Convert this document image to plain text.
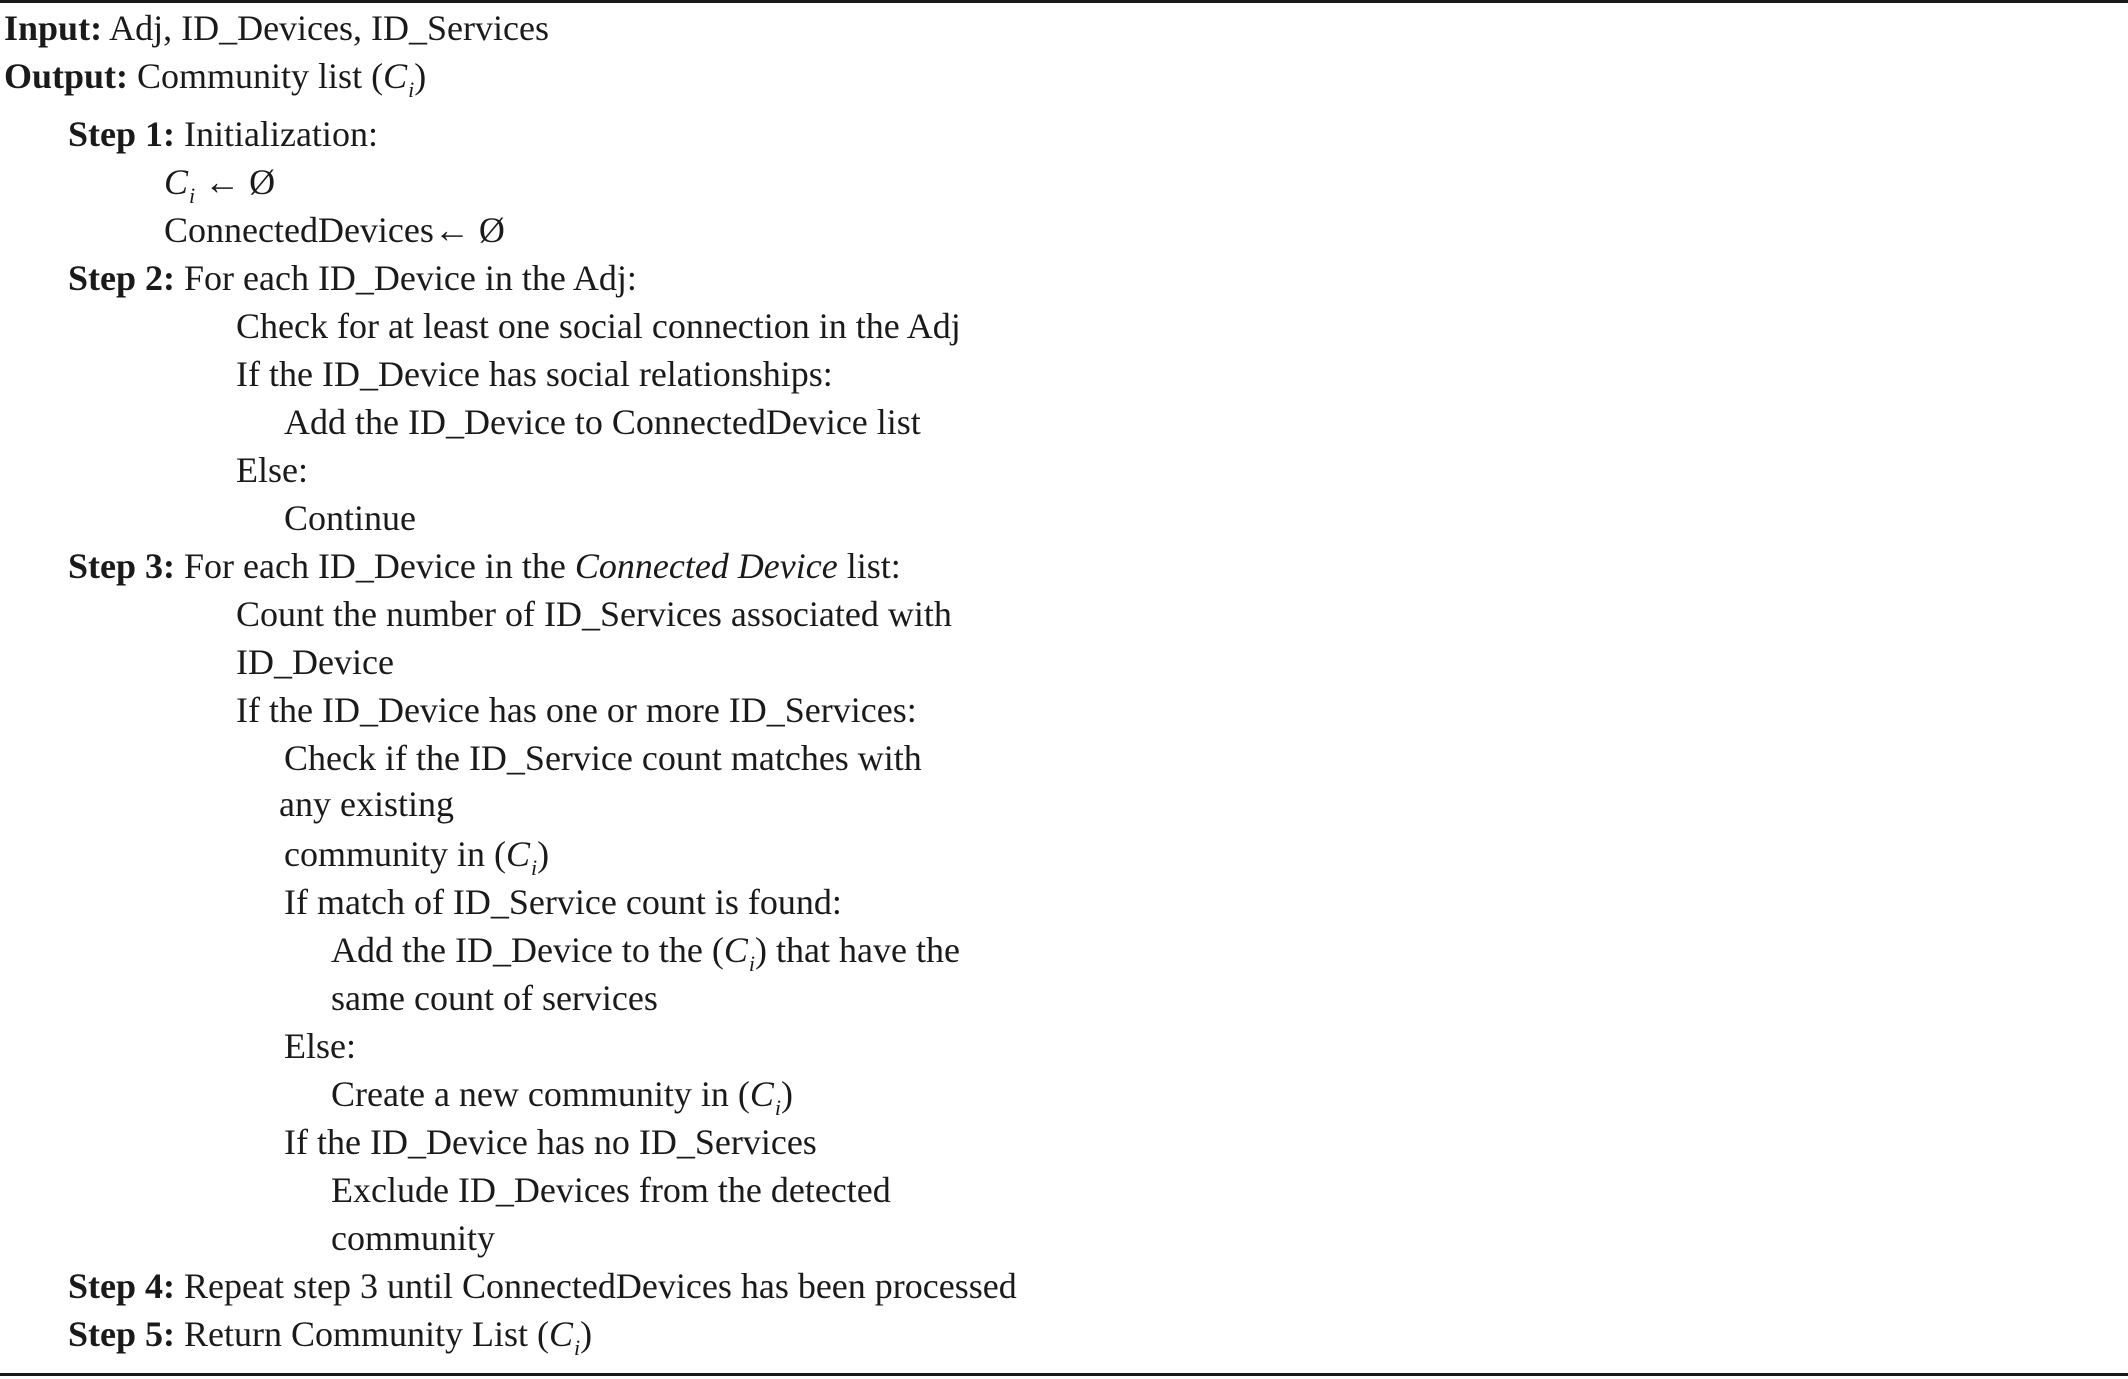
Input: Adj, ID_Devices, ID_Services
Output: Community list $(C_i)$
Step 1: Initialization:
$C_i$ ← Ø
ConnectedDevices← Ø
Step 2: For each ID_Device in the Adj:
Check for at least one social connection in the Adj
If the ID_Device has social relationships:
Add the ID_Device to ConnectedDevice list
Else:
Continue
Step 3: For each ID_Device in the Connected Device list:
Count the number of ID_Services associated with
ID_Device
If the ID_Device has one or more ID_Services:
Check if the ID_Service count matches with
any existing
community in $(C_i)$
If match of ID_Service count is found:
Add the ID_Device to the $(C_i)$ that have the
same count of services
Else:
Create a new community in $(C_i)$
If the ID_Device has no ID_Services
Exclude ID_Devices from the detected
community
Step 4: Repeat step 3 until ConnectedDevices has been processed
Step 5: Return Community List $(C_i)$
